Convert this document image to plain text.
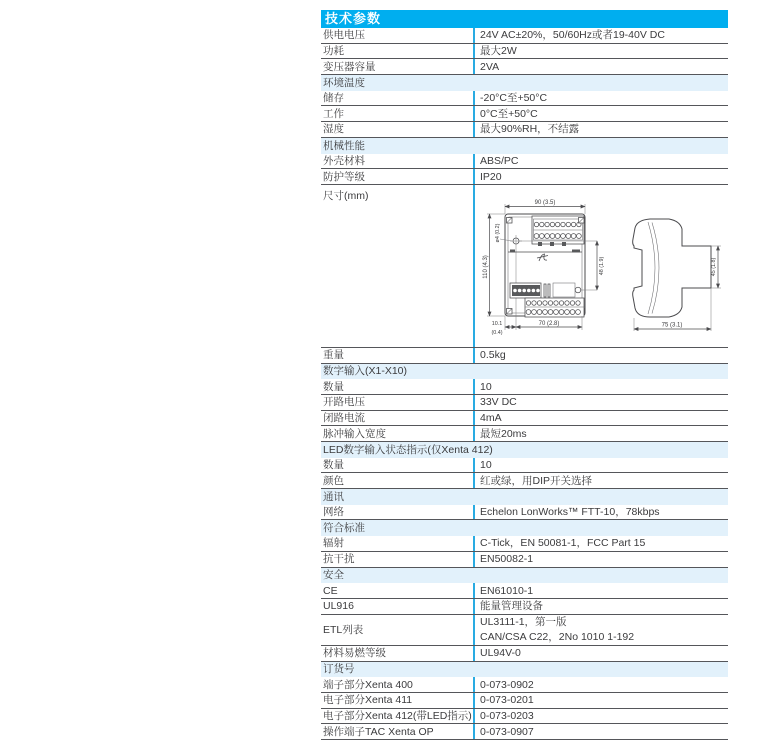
技术参数
供电电压	24V AC±20%，50/60Hz或者19-40V DC
功耗	最大2W
变压器容量	2VA
环境温度
储存	-20°C至+50°C
工作	0°C至+50°C
湿度	最大90%RH，不结露
机械性能
外壳材料	ABS/PC
防护等级	IP20
尺寸(mm)
90 (3.5)
110 (4.3)
ø4 (0.2)
48 (1.9)
10.1
(0.4)
70 (2.8)	75 (3.1)
45 (1.8)
重量	0.5kg
数字输入(X1-X10)
数量	10
开路电压	33V DC
闭路电流	4mA
脉冲输入宽度	最短20ms
LED数字输入状态指示(仅Xenta 412)
数量	10
颜色	红或绿，用DIP开关选择
通讯
网络	Echelon LonWorks™ FTT-10，78kbps
符合标准
辐射	C-Tick，EN 50081-1，FCC Part 15
抗干扰	EN50082-1
安全
CE	EN61010-1
UL916	能量管理设备
ETL列表
UL3111-1，第一版
CAN/CSA C22，2No 1010 1-192
材料易燃等级	UL94V-0
订货号
端子部分Xenta 400	0-073-0902
电子部分Xenta 411	0-073-0201
电子部分Xenta 412(带LED指示) 0-073-0203
操作端子TAC Xenta OP	0-073-0907
